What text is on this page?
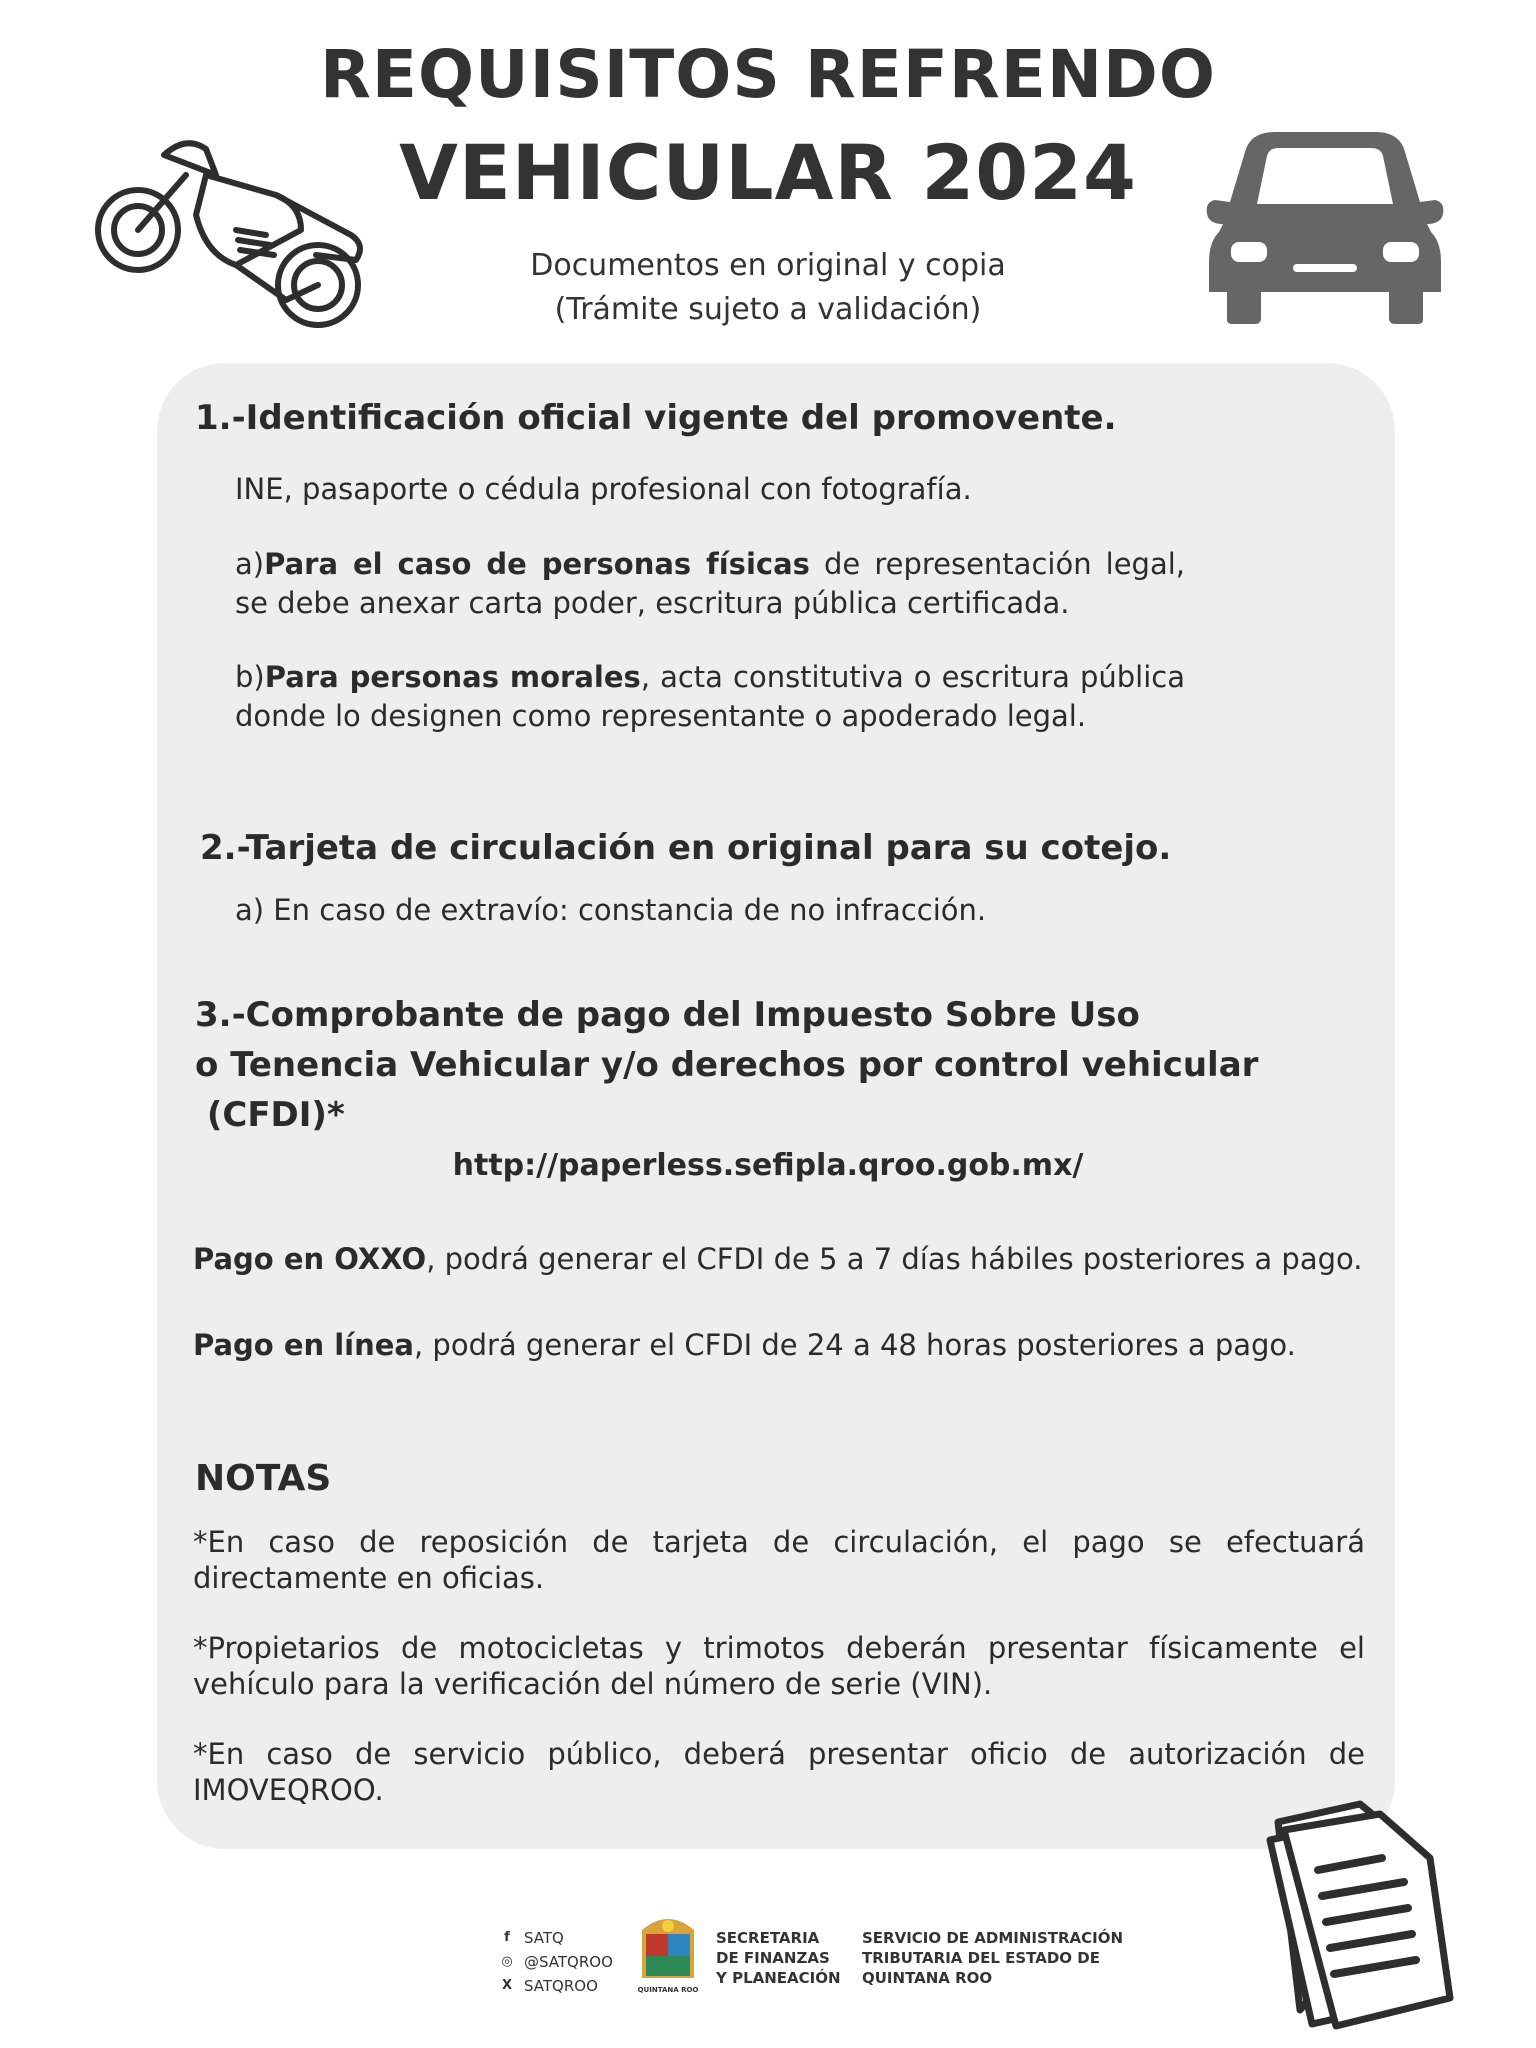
REQUISITOS REFRENDO
VEHICULAR 2024
Documentos en original y copia
(Trámite sujeto a validación)
1.-Identificación oficial vigente del promovente.
INE, pasaporte o cédula profesional con fotografía.
a)Para el caso de personas físicas de representación legal, se debe anexar carta poder, escritura pública certificada.
b)Para personas morales, acta constitutiva o escritura pública donde lo designen como representante o apoderado legal.
2.-Tarjeta de circulación en original para su cotejo.
a) En caso de extravío: constancia de no infracción.
3.-Comprobante de pago del Impuesto Sobre Uso
o Tenencia Vehicular y/o derechos por control vehicular
(CFDI)*
http://paperless.sefipla.qroo.gob.mx/
Pago en OXXO, podrá generar el CFDI de 5 a 7 días hábiles posteriores a pago.
Pago en línea, podrá generar el CFDI de 24 a 48 horas posteriores a pago.
NOTAS
*En caso de reposición de tarjeta de circulación, el pago se efectuará directamente en oficias.
*Propietarios de motocicletas y trimotos deberán presentar físicamente el vehículo para la verificación del número de serie (VIN).
*En caso de servicio público, deberá presentar oficio de autorización de IMOVEQROO.
f SATQ
◎ @SATQROO
X SATQROO	QUINTANA ROO
SECRETARIA
DE FINANZAS
Y PLANEACIÓN
SERVICIO DE ADMINISTRACIÓN
TRIBUTARIA DEL ESTADO DE
QUINTANA ROO
